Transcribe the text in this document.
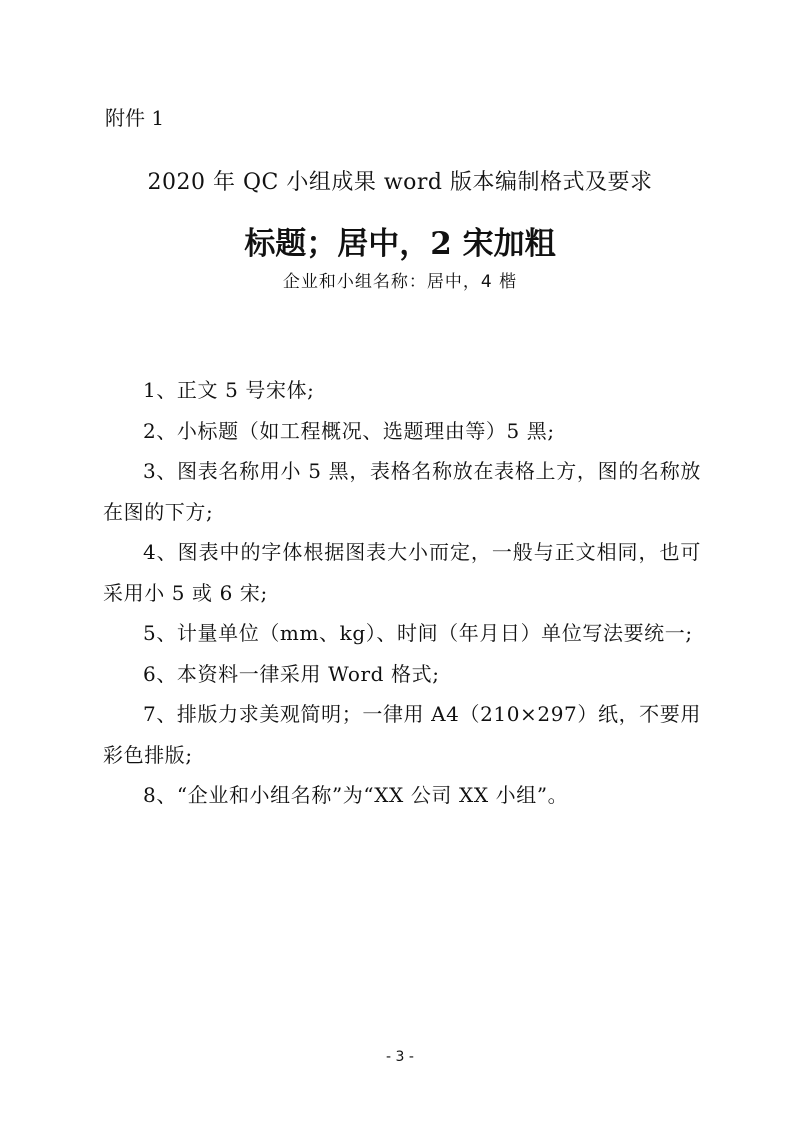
附件 1
2020 年 QC 小组成果 word 版本编制格式及要求
标题；居中，2 宋加粗
企业和小组名称：居中，4 楷

1、正文 5 号宋体;

2、小标题（如工程概况、选题理由等）5 黑;

3、图表名称用小 5 黑，表格名称放在表格上方，图的名称放在图的下方;

4、图表中的字体根据图表大小而定，一般与正文相同，也可采用小 5 或 6 宋;

5、计量单位（mm、kg）、时间（年月日）单位写法要统一;

6、本资料一律采用 Word 格式;

7、排版力求美观简明；一律用 A4（210×297）纸，不要用彩色排版;

8、“企业和小组名称”为“XX 公司 XX 小组”。

- 3 -
